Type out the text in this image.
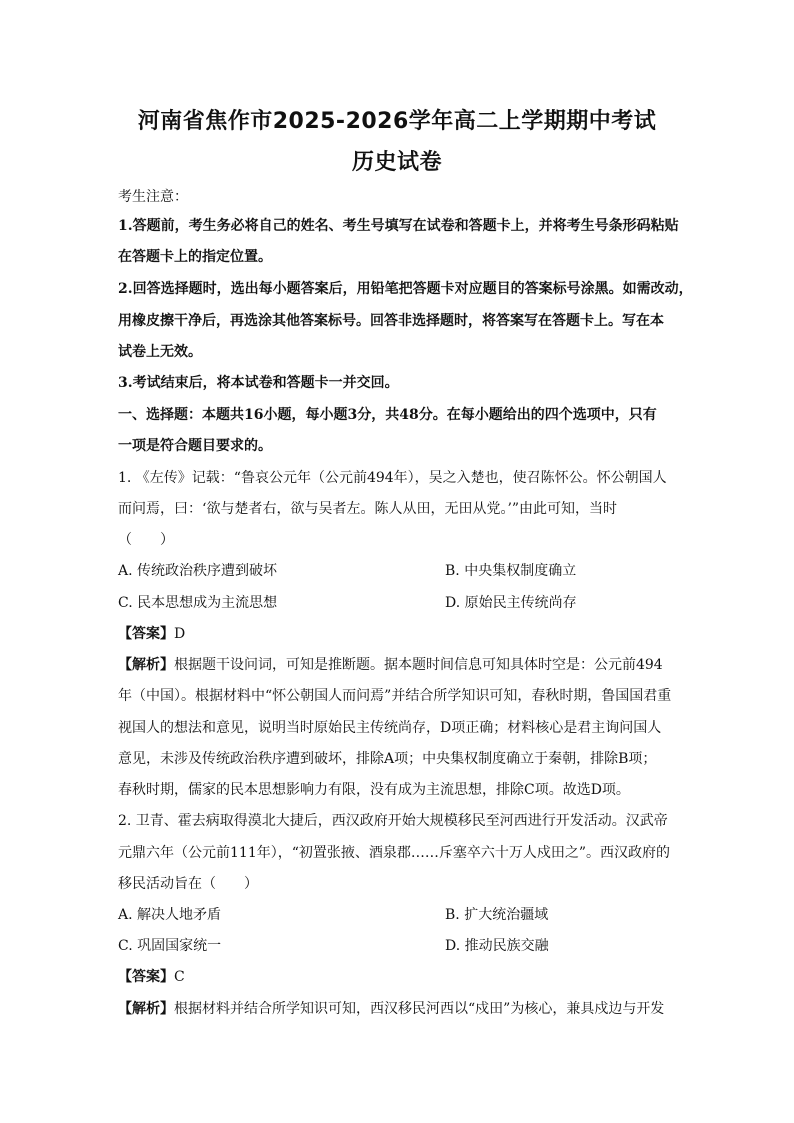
河南省焦作市2025-2026学年高二上学期期中考试
历史试卷
考生注意：
1.答题前，考生务必将自己的姓名、考生号填写在试卷和答题卡上，并将考生号条形码粘贴
在答题卡上的指定位置。
2.回答选择题时，选出每小题答案后，用铅笔把答题卡对应题目的答案标号涂黑。如需改动，
用橡皮擦干净后，再选涂其他答案标号。回答非选择题时，将答案写在答题卡上。写在本
试卷上无效。
3.考试结束后，将本试卷和答题卡一并交回。
一、选择题：本题共16小题，每小题3分，共48分。在每小题给出的四个选项中，只有
一项是符合题目要求的。
1. 《左传》记载：“鲁哀公元年（公元前494年），吴之入楚也，使召陈怀公。怀公朝国人
而问焉，曰：‘欲与楚者右，欲与吴者左。陈人从田，无田从党。’”由此可知，当时
（　　）
A. 传统政治秩序遭到破坏	B. 中央集权制度确立
C. 民本思想成为主流思想	D. 原始民主传统尚存
【答案】D
【解析】根据题干设问词，可知是推断题。据本题时间信息可知具体时空是：公元前494
年（中国）。根据材料中“怀公朝国人而问焉”并结合所学知识可知，春秋时期，鲁国国君重
视国人的想法和意见，说明当时原始民主传统尚存，D项正确；材料核心是君主询问国人
意见，未涉及传统政治秩序遭到破坏，排除A项；中央集权制度确立于秦朝，排除B项；
春秋时期，儒家的民本思想影响力有限，没有成为主流思想，排除C项。故选D项。
2. 卫青、霍去病取得漠北大捷后，西汉政府开始大规模移民至河西进行开发活动。汉武帝
元鼎六年（公元前111年），“初置张掖、酒泉郡……斥塞卒六十万人戍田之”。西汉政府的
移民活动旨在（　　）
A. 解决人地矛盾	B. 扩大统治疆域
C. 巩固国家统一	D. 推动民族交融
【答案】C
【解析】根据材料并结合所学知识可知，西汉移民河西以“戍田”为核心，兼具戍边与开发
